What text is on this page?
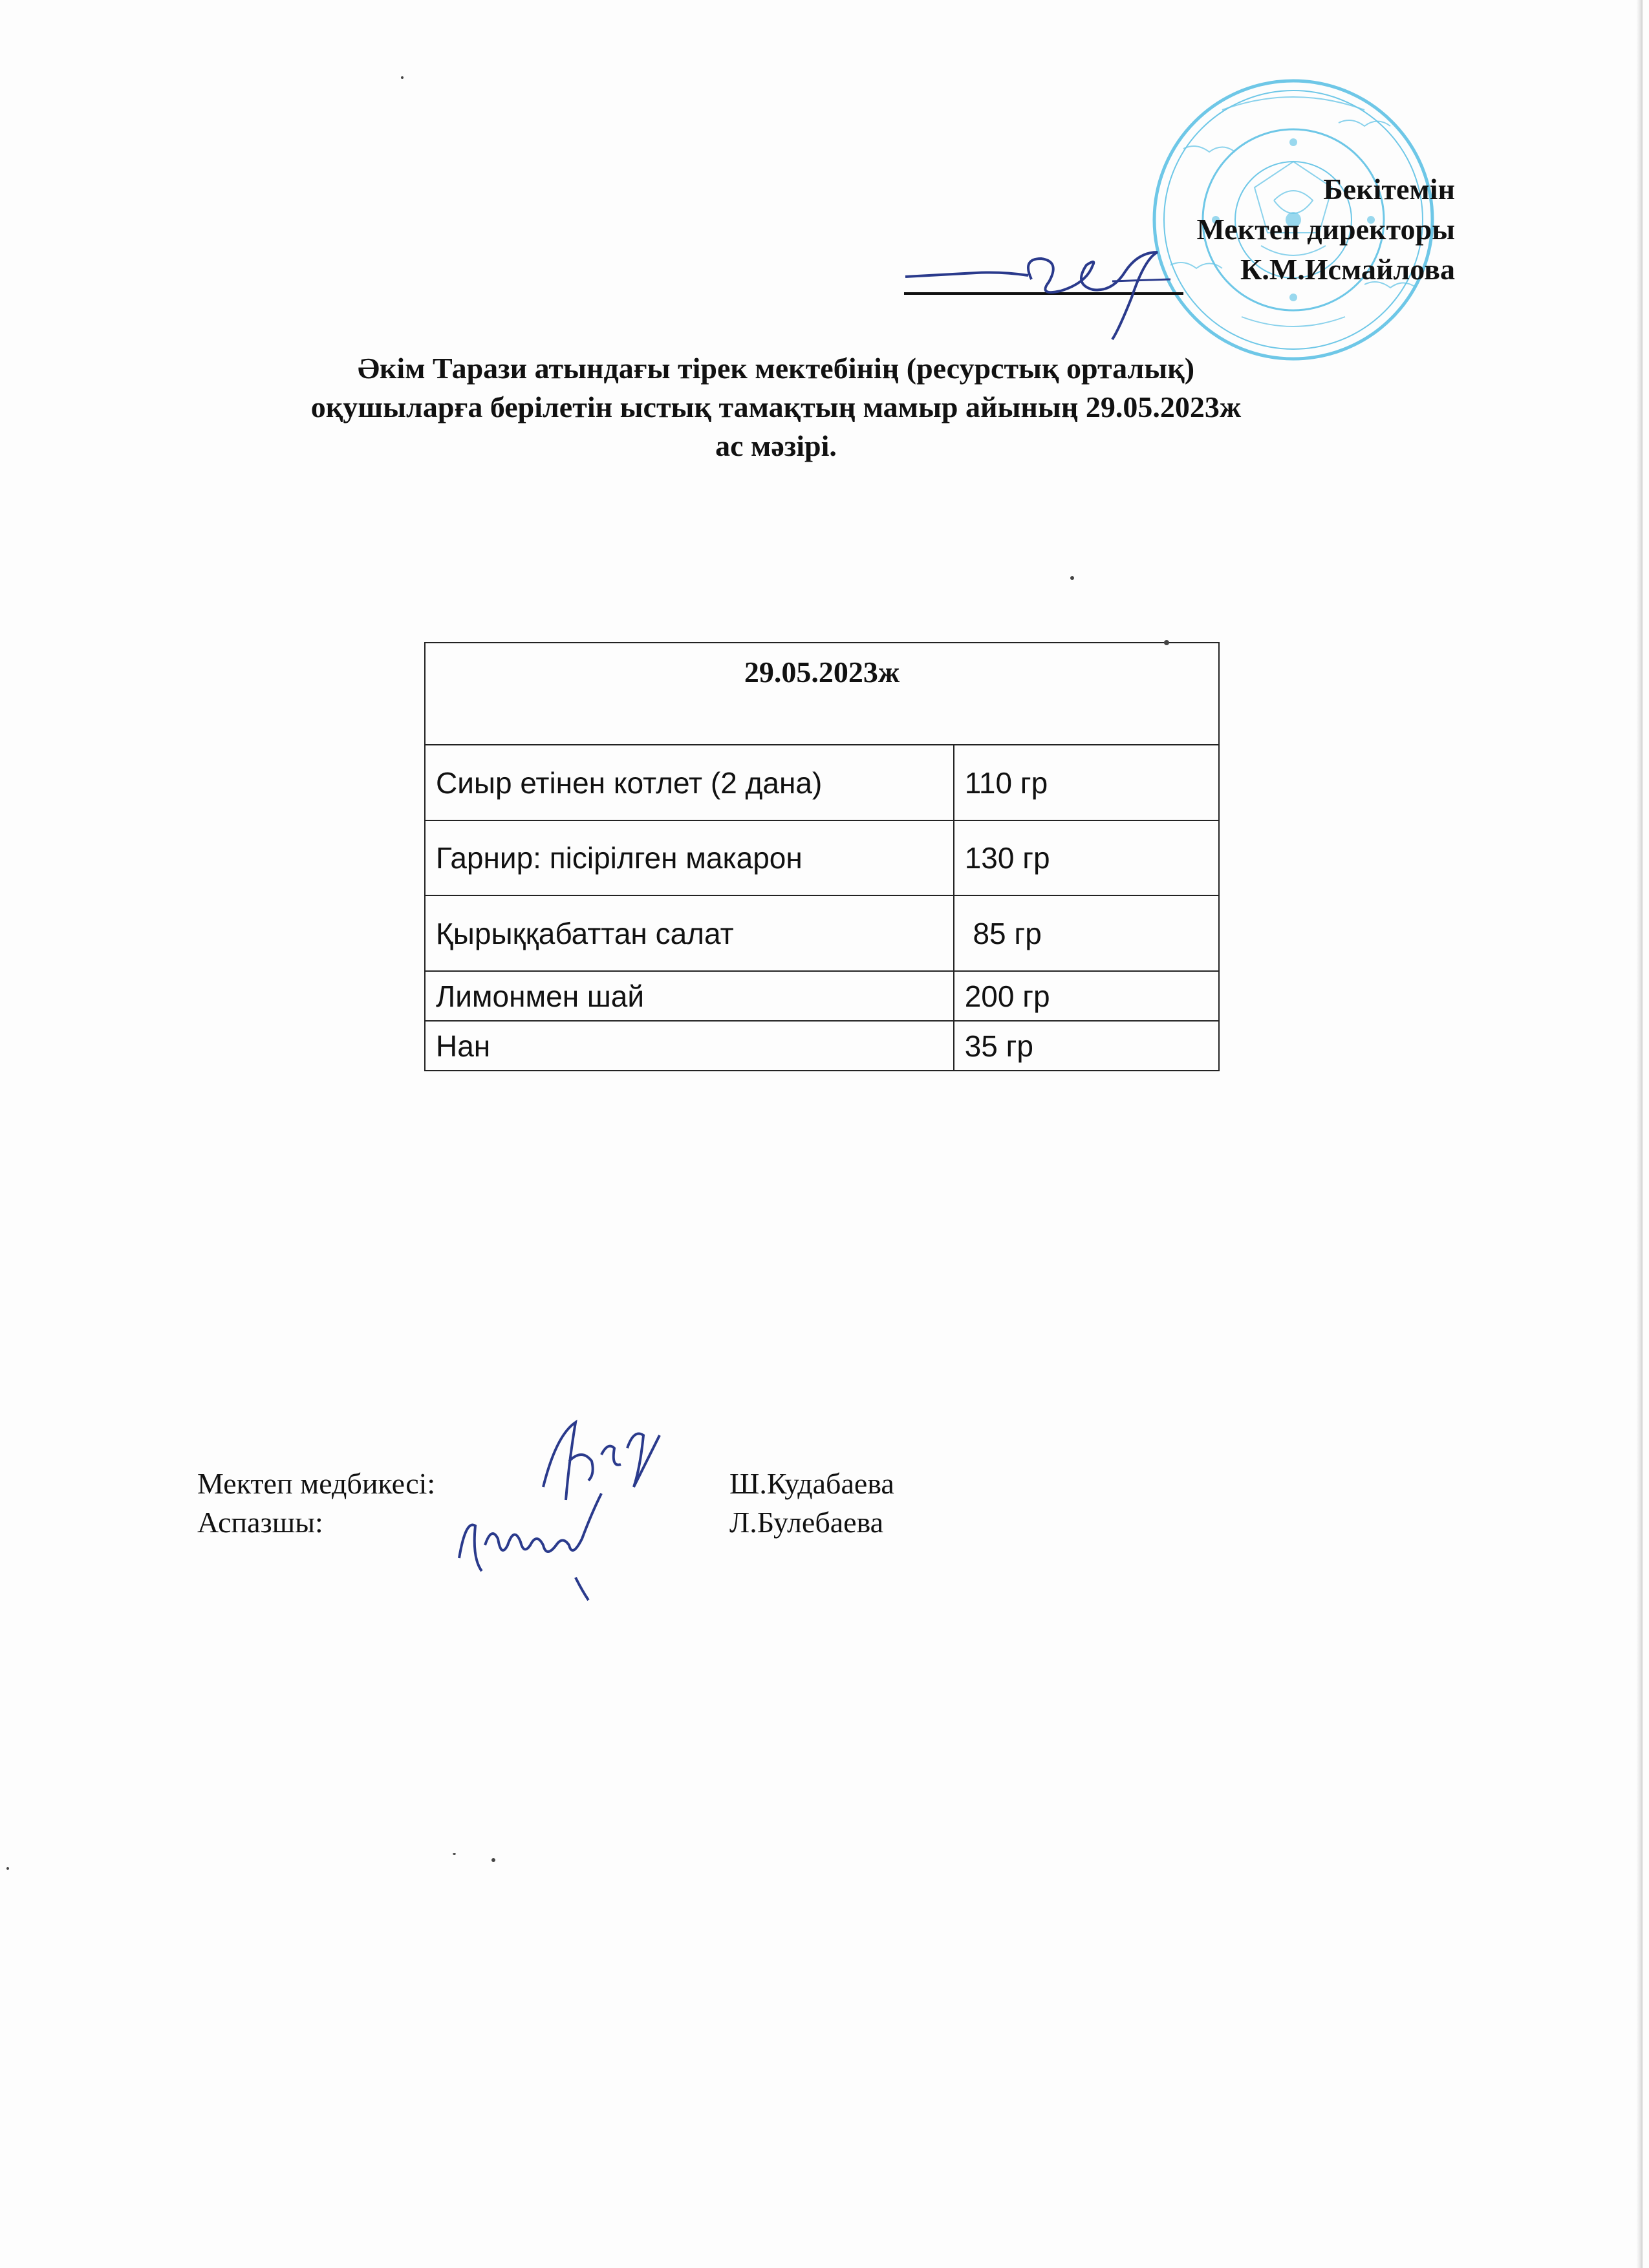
Бекітемін
Мектеп директоры
К.М.Исмайлова
Әкім Тарази атындағы тірек мектебінің (ресурстық орталық)
оқушыларға берілетін ыстық тамақтың мамыр айының 29.05.2023ж
ас мәзірі.
29.05.2023ж	
Сиыр етінен котлет (2 дана)	110 гр
Гарнир: пісірілген макарон	130 гр
Қырыққабаттан салат	85 гр
Лимонмен шай	200 гр
Нан	35 гр
Мектеп медбикесі:	Ш.Кудабаева
Аспазшы:	Л.Булебаева
